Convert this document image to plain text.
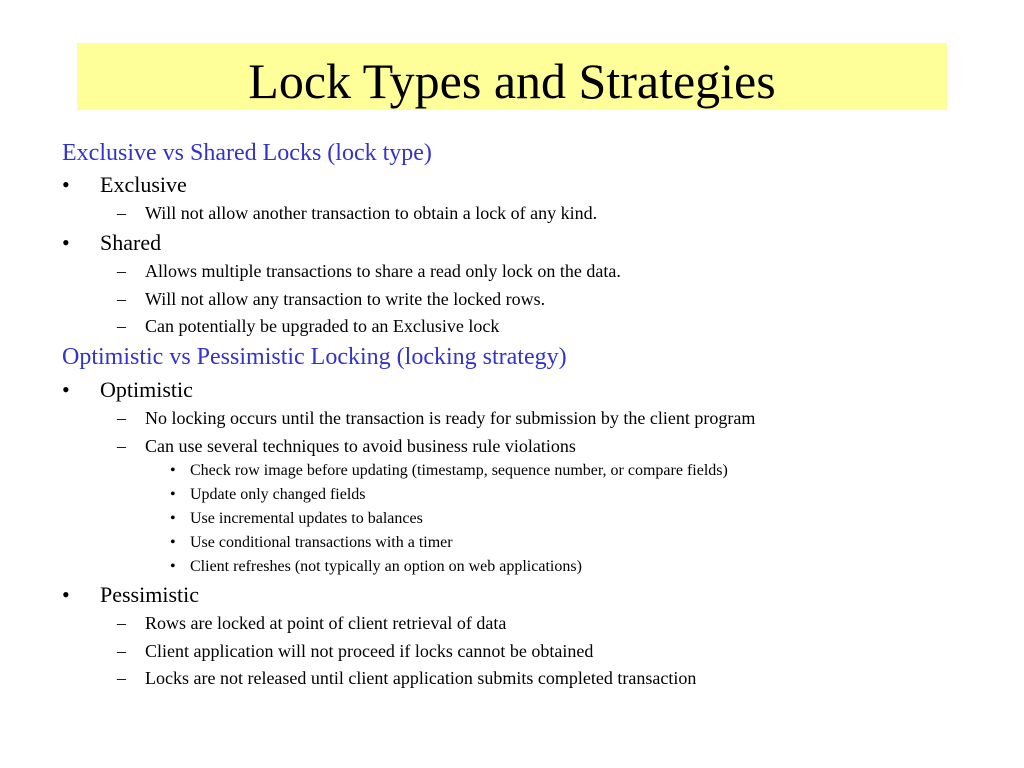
Lock Types and Strategies
Exclusive vs Shared Locks (lock type)
• Exclusive
– Will not allow another transaction to obtain a lock of any kind.
• Shared
– Allows multiple transactions to share a read only lock on the data.
– Will not allow any transaction to write the locked rows.
– Can potentially be upgraded to an Exclusive lock
Optimistic vs Pessimistic Locking (locking strategy)
• Optimistic
– No locking occurs until the transaction is ready for submission by the client program
– Can use several techniques to avoid business rule violations
• Check row image before updating (timestamp, sequence number, or compare fields)
• Update only changed fields
• Use incremental updates to balances
• Use conditional transactions with a timer
• Client refreshes (not typically an option on web applications)
• Pessimistic
– Rows are locked at point of client retrieval of data
– Client application will not proceed if locks cannot be obtained
– Locks are not released until client application submits completed transaction
